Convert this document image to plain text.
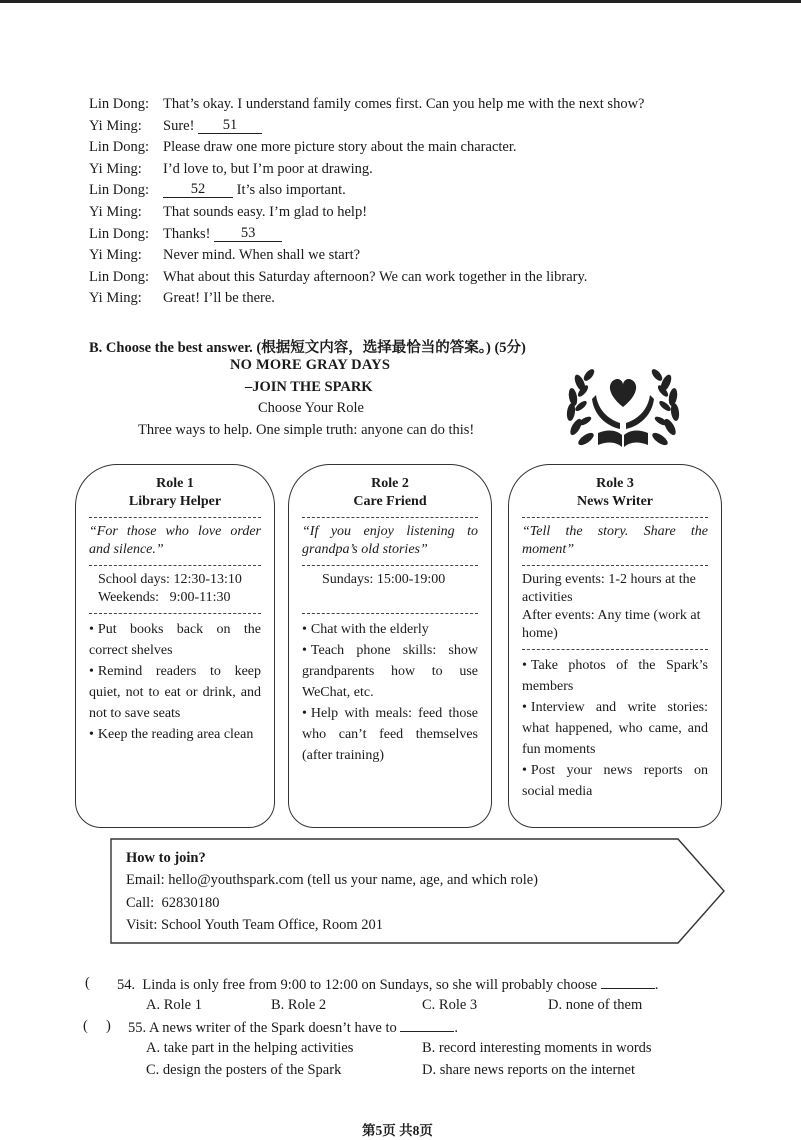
Lin Dong: That’s okay. I understand family comes first. Can you help me with the next show?
Yi Ming:	Sure!	51
Lin Dong: Please draw one more picture story about the main character.
Yi Ming:	I’d love to, but I’m poor at drawing.
Lin Dong:	52	It’s also important.
Yi Ming:	That sounds easy. I’m glad to help!
Lin Dong: Thanks!	53
Yi Ming:	Never mind. When shall we start?
Lin Dong: What about this Saturday afternoon? We can work together in the library.
Yi Ming:	Great! I’ll be there.
B. Choose the best answer. (根据短文内容，选择最恰当的答案。) (5分)
NO MORE GRAY DAYS
–JOIN THE SPARK
Choose Your Role
Three ways to help. One simple truth: anyone can do this!
Role 1
Library Helper
“For those who love order and silence.”
School days: 12:30-13:10
Weekends:   9:00-11:30
• Put books back on the correct shelves
• Remind readers to keep quiet, not to eat or drink, and not to save seats
• Keep the reading area clean
Role 2
Care Friend
“If you enjoy listening to grandpa’s old stories”
Sundays: 15:00-19:00
• Chat with the elderly
• Teach phone skills: show grandparents how to use WeChat, etc.
• Help with meals: feed those who can’t feed themselves (after training)
Role 3
News Writer
“Tell the story. Share the moment”
During events: 1-2 hours at the activities
After events: Any time (work at home)
• Take photos of the Spark’s members
• Interview and write stories: what happened, who came, and fun moments
• Post your news reports on social media
How to join?
Email: hello@youthspark.com (tell us your name, age, and which role)
Call:  62830180
Visit: School Youth Team Office, Room 201
( 54.  Linda is only free from 9:00 to 12:00 on Sundays, so she will probably choose	.
A. Role 1	B. Role 2	C. Role 3	D. none of them
(     ) 55. A news writer of the Spark doesn’t have to	.
A. take part in the helping activities	B. record interesting moments in words
C. design the posters of the Spark	D. share news reports on the internet
第5页 共8页
